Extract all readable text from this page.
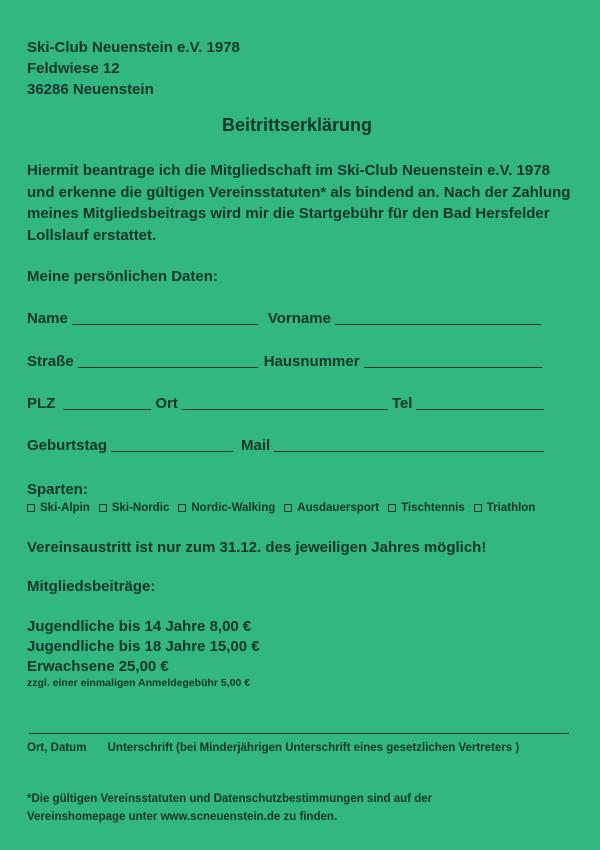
Ski-Club Neuenstein e.V. 1978
Feldwiese 12
36286 Neuenstein
Beitrittserklärung
Hiermit beantrage ich die Mitgliedschaft im Ski-Club Neuenstein e.V. 1978 und erkenne die gültigen Vereinsstatuten* als bindend an. Nach der Zahlung meines Mitgliedsbeitrags wird mir die Startgebühr für den Bad Hersfelder Lollslauf erstattet.
Meine persönlichen Daten:
Name	Vorname
Straße	Hausnummer
PLZ	Ort	Tel
Geburtstag	Mail
Sparten:
Ski-Alpin Ski-Nordic Nordic-Walking Ausdauersport Tischtennis Triathlon
Vereinsaustritt ist nur zum 31.12. des jeweiligen Jahres möglich!
Mitgliedsbeiträge:
Jugendliche bis 14 Jahre 8,00 €
Jugendliche bis 18 Jahre 15,00 €
Erwachsene 25,00 €
zzgl. einer einmaligen Anmeldegebühr 5,00 €
Ort, Datum Unterschrift (bei Minderjährigen Unterschrift eines gesetzlichen Vertreters )
*Die gültigen Vereinsstatuten und Datenschutzbestimmungen sind auf der
Vereinshomepage unter www.scneuenstein.de zu finden.
